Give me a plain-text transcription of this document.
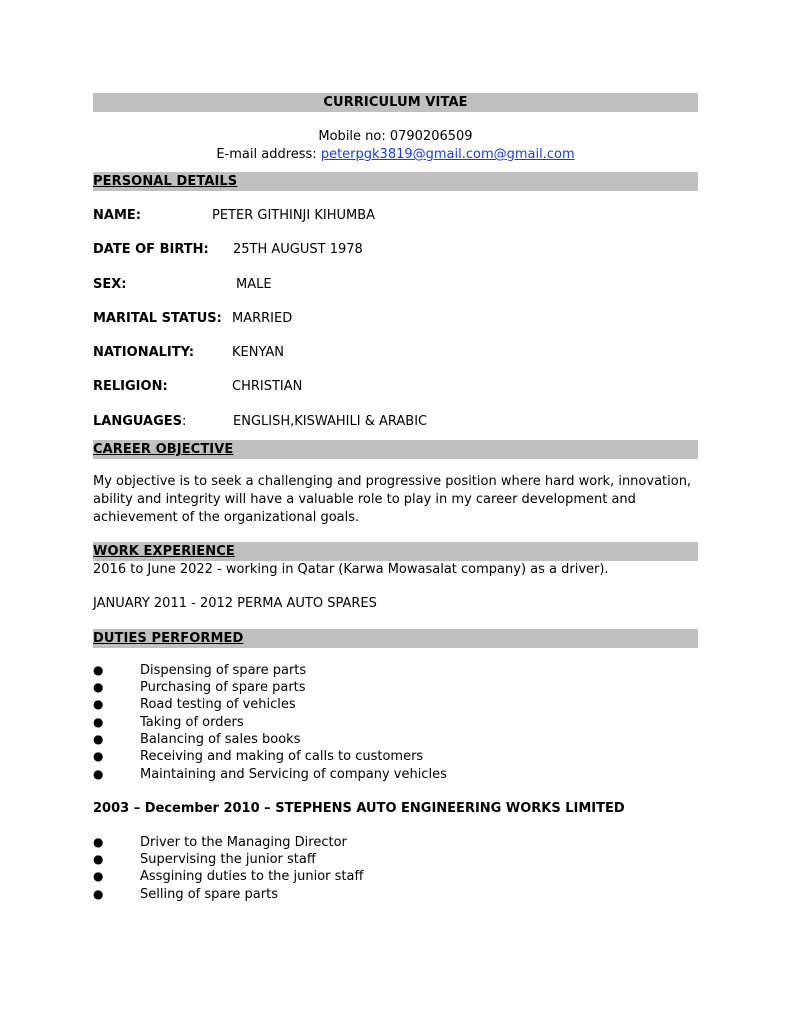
CURRICULUM VITAE
Mobile no: 0790206509
E-mail address: peterpgk3819@gmail.com@gmail.com
PERSONAL DETAILS
NAME:	PETER GITHINJI KIHUMBA
DATE OF BIRTH: 25TH AUGUST 1978
SEX:	MALE
MARITAL STATUS: MARRIED
NATIONALITY:	KENYAN
RELIGION:	CHRISTIAN
LANGUAGES :	ENGLISH,KISWAHILI & ARABIC
CAREER OBJECTIVE
My objective is to seek a challenging and progressive position where hard work, innovation, ability and integrity will have a valuable role to play in my career development and achievement of the organizational goals.
WORK EXPERIENCE
2016 to June 2022 - working in Qatar (Karwa Mowasalat company) as a driver).
JANUARY 2011 - 2012 PERMA AUTO SPARES
DUTIES PERFORMED
●	Dispensing of spare parts
●	Purchasing of spare parts
●	Road testing of vehicles
●	Taking of orders
●	Balancing of sales books
●	Receiving and making of calls to customers
●	Maintaining and Servicing of company vehicles
2003 – December 2010 – STEPHENS AUTO ENGINEERING WORKS LIMITED
●	Driver to the Managing Director
●	Supervising the junior staff
●	Assgining duties to the junior staff
●	Selling of spare parts
